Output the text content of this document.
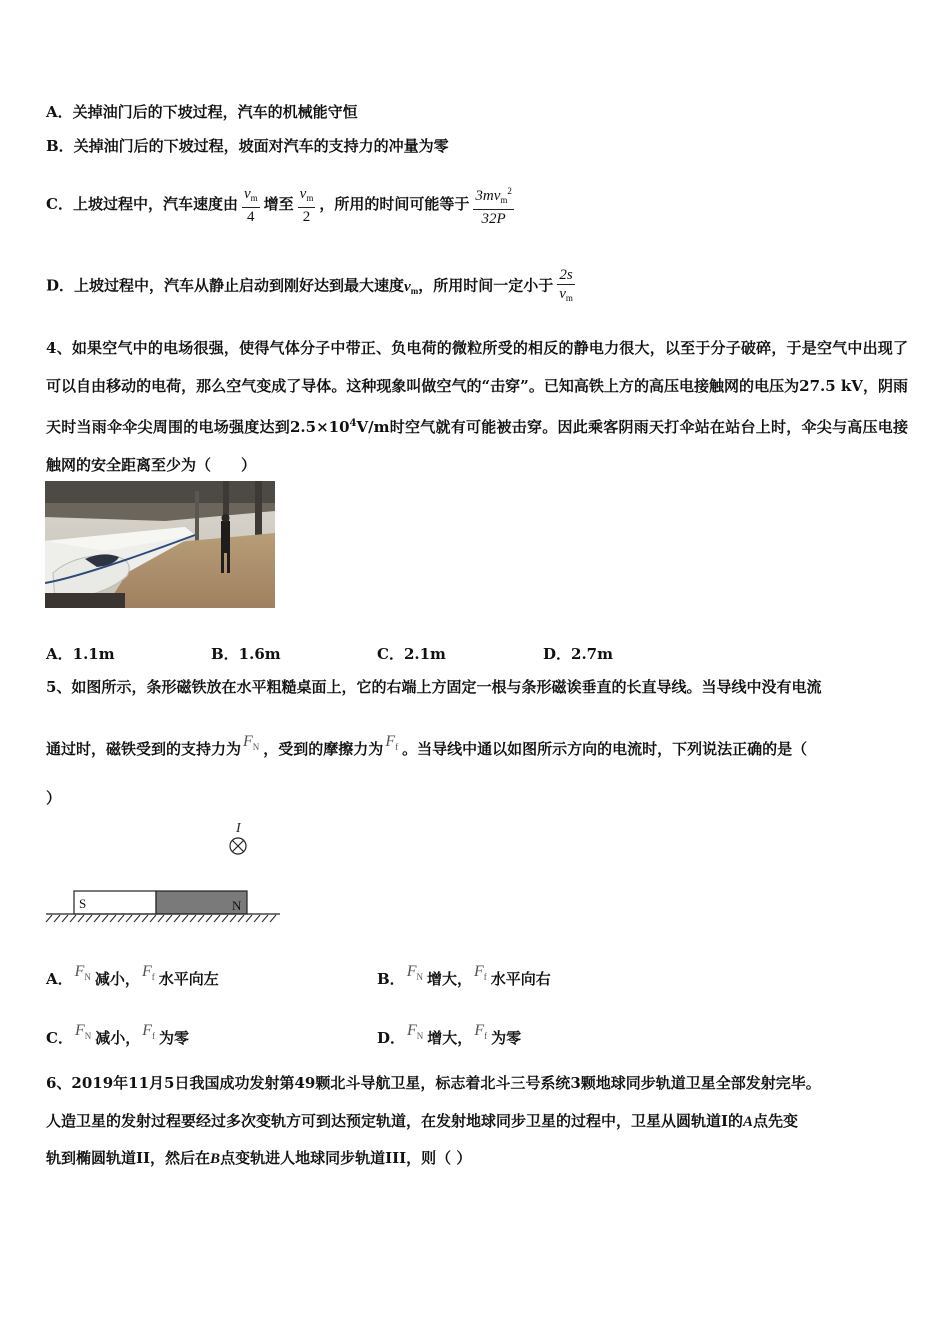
A．关掉油门后的下坡过程，汽车的机械能守恒
B．关掉油门后的下坡过程，坡面对汽车的支持力的冲量为零
C．上坡过程中，汽车速度由 $\frac{v_m}{4}$ 增至 $\frac{v_m}{2}$ ，所用的时间可能等于 $\frac{3mv_m^2}{32P}$
D．上坡过程中，汽车从静止启动到刚好达到最大速度$v_m$，所用时间一定小于 $\frac{2s}{v_m}$
4、如果空气中的电场很强，使得气体分子中带正、负电荷的微粒所受的相反的静电力很大，以至于分子破碎，于是空气中出现了可以自由移动的电荷，那么空气变成了导体。这种现象叫做空气的“击穿”。已知高铁上方的高压电接触网的电压为27.5 kV，阴雨天时当雨伞伞尖周围的电场强度达到$2.5\times 10^4V/m$时空气就有可能被击穿。因此乘客阴雨天打伞站在站台上时，伞尖与高压电接触网的安全距离至少为（　　）
A．1.1m	B．1.6m	C．2.1m	D．2.7m
5、如图所示，条形磁铁放在水平粗糙桌面上，它的右端上方固定一根与条形磁诶垂直的长直导线。当导线中没有电流
通过时，磁铁受到的支持力为 $F_N$ ，受到的摩擦力为 $F_f$ 。当导线中通以如图所示方向的电流时，下列说法正确的是（
）
I
S	N
A． $F_N$ 减小， $F_f$ 水平向左	B． $F_N$ 增大， $F_f$ 水平向右
C． $F_N$ 减小， $F_f$ 为零	D． $F_N$ 增大， $F_f$ 为零
6、2019年11月5日我国成功发射第49颗北斗导航卫星，标志着北斗三号系统3颗地球同步轨道卫星全部发射完毕。
人造卫星的发射过程要经过多次变轨方可到达预定轨道，在发射地球同步卫星的过程中，卫星从圆轨道I的A点先变
轨到椭圆轨道II，然后在B点变轨进人地球同步轨道III，则（ ）
